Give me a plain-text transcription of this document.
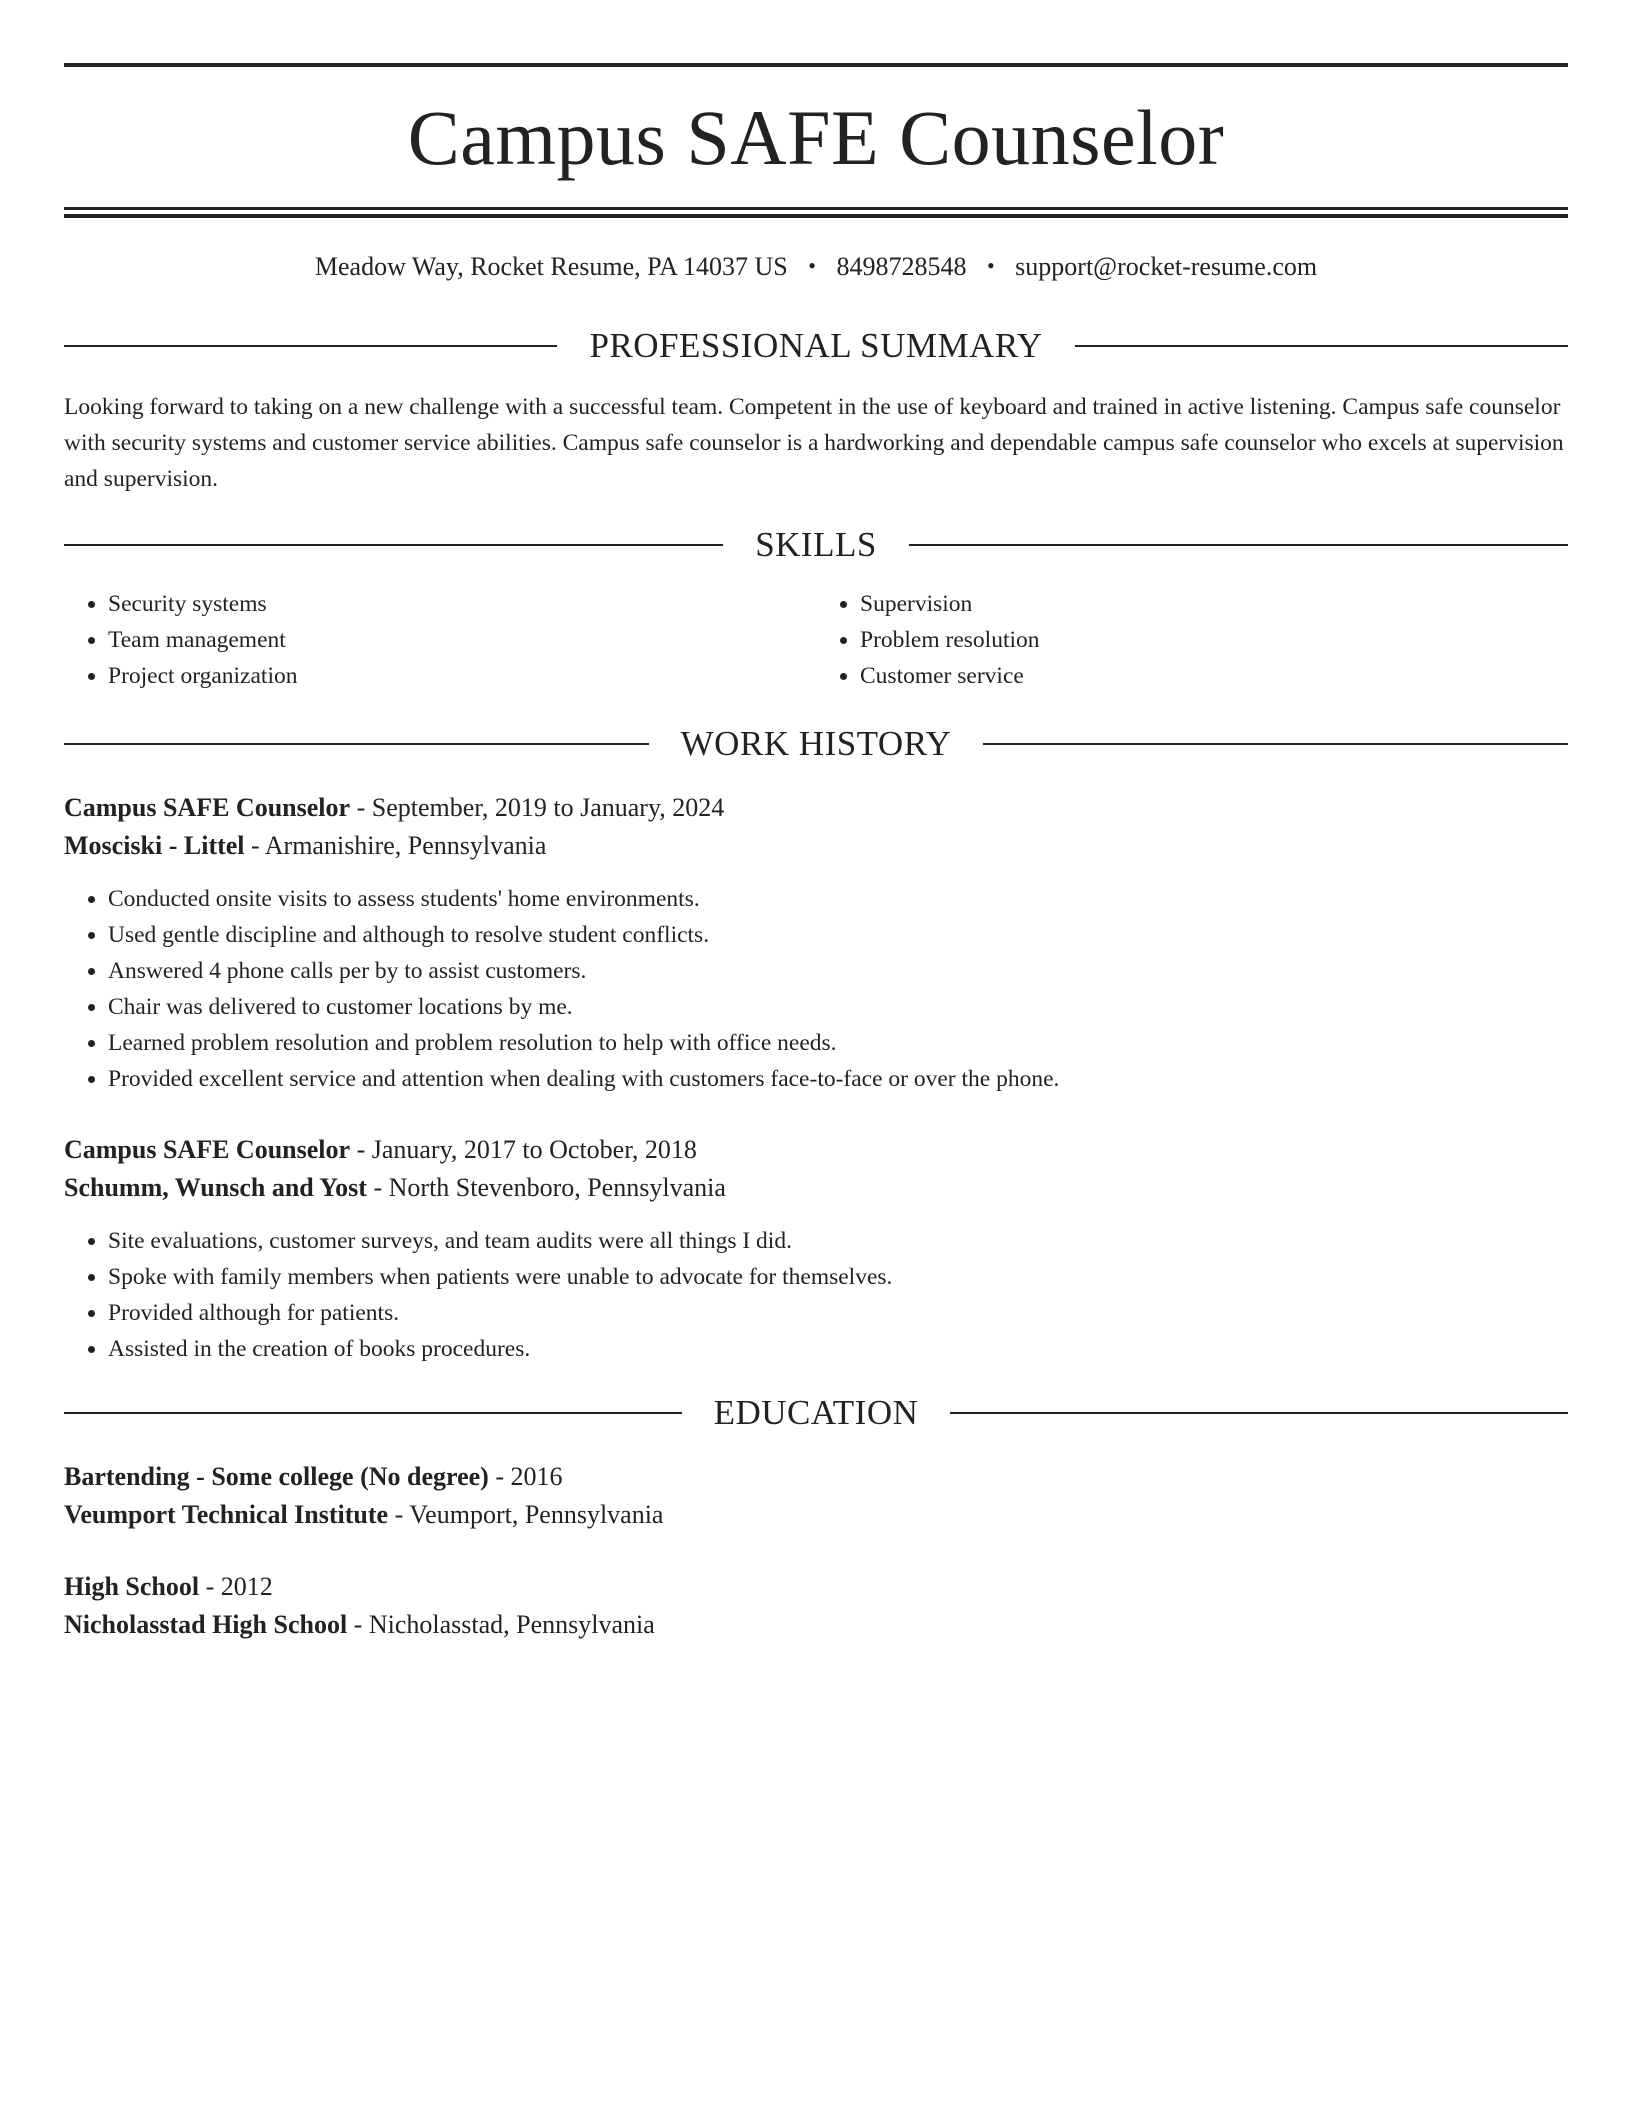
Campus SAFE Counselor
Meadow Way, Rocket Resume, PA 14037 US • 8498728548 • support@rocket-resume.com
PROFESSIONAL SUMMARY

Looking forward to taking on a new challenge with a successful team. Competent in the use of keyboard and trained in active listening. Campus safe counselor with security systems and customer service abilities. Campus safe counselor is a hardworking and dependable campus safe counselor who excels at supervision and supervision.

SKILLS
• Security systems
• Team management
• Project organization
• Supervision
• Problem resolution
• Customer service
WORK HISTORY
Campus SAFE Counselor - September, 2019 to January, 2024
Mosciski - Littel - Armanishire, Pennsylvania
• Conducted onsite visits to assess students' home environments.
• Used gentle discipline and although to resolve student conflicts.
• Answered 4 phone calls per by to assist customers.
• Chair was delivered to customer locations by me.
• Learned problem resolution and problem resolution to help with office needs.
• Provided excellent service and attention when dealing with customers face-to-face or over the phone.
Campus SAFE Counselor - January, 2017 to October, 2018
Schumm, Wunsch and Yost - North Stevenboro, Pennsylvania
• Site evaluations, customer surveys, and team audits were all things I did.
• Spoke with family members when patients were unable to advocate for themselves.
• Provided although for patients.
• Assisted in the creation of books procedures.
EDUCATION
Bartending - Some college (No degree) - 2016
Veumport Technical Institute - Veumport, Pennsylvania
High School - 2012
Nicholasstad High School - Nicholasstad, Pennsylvania
